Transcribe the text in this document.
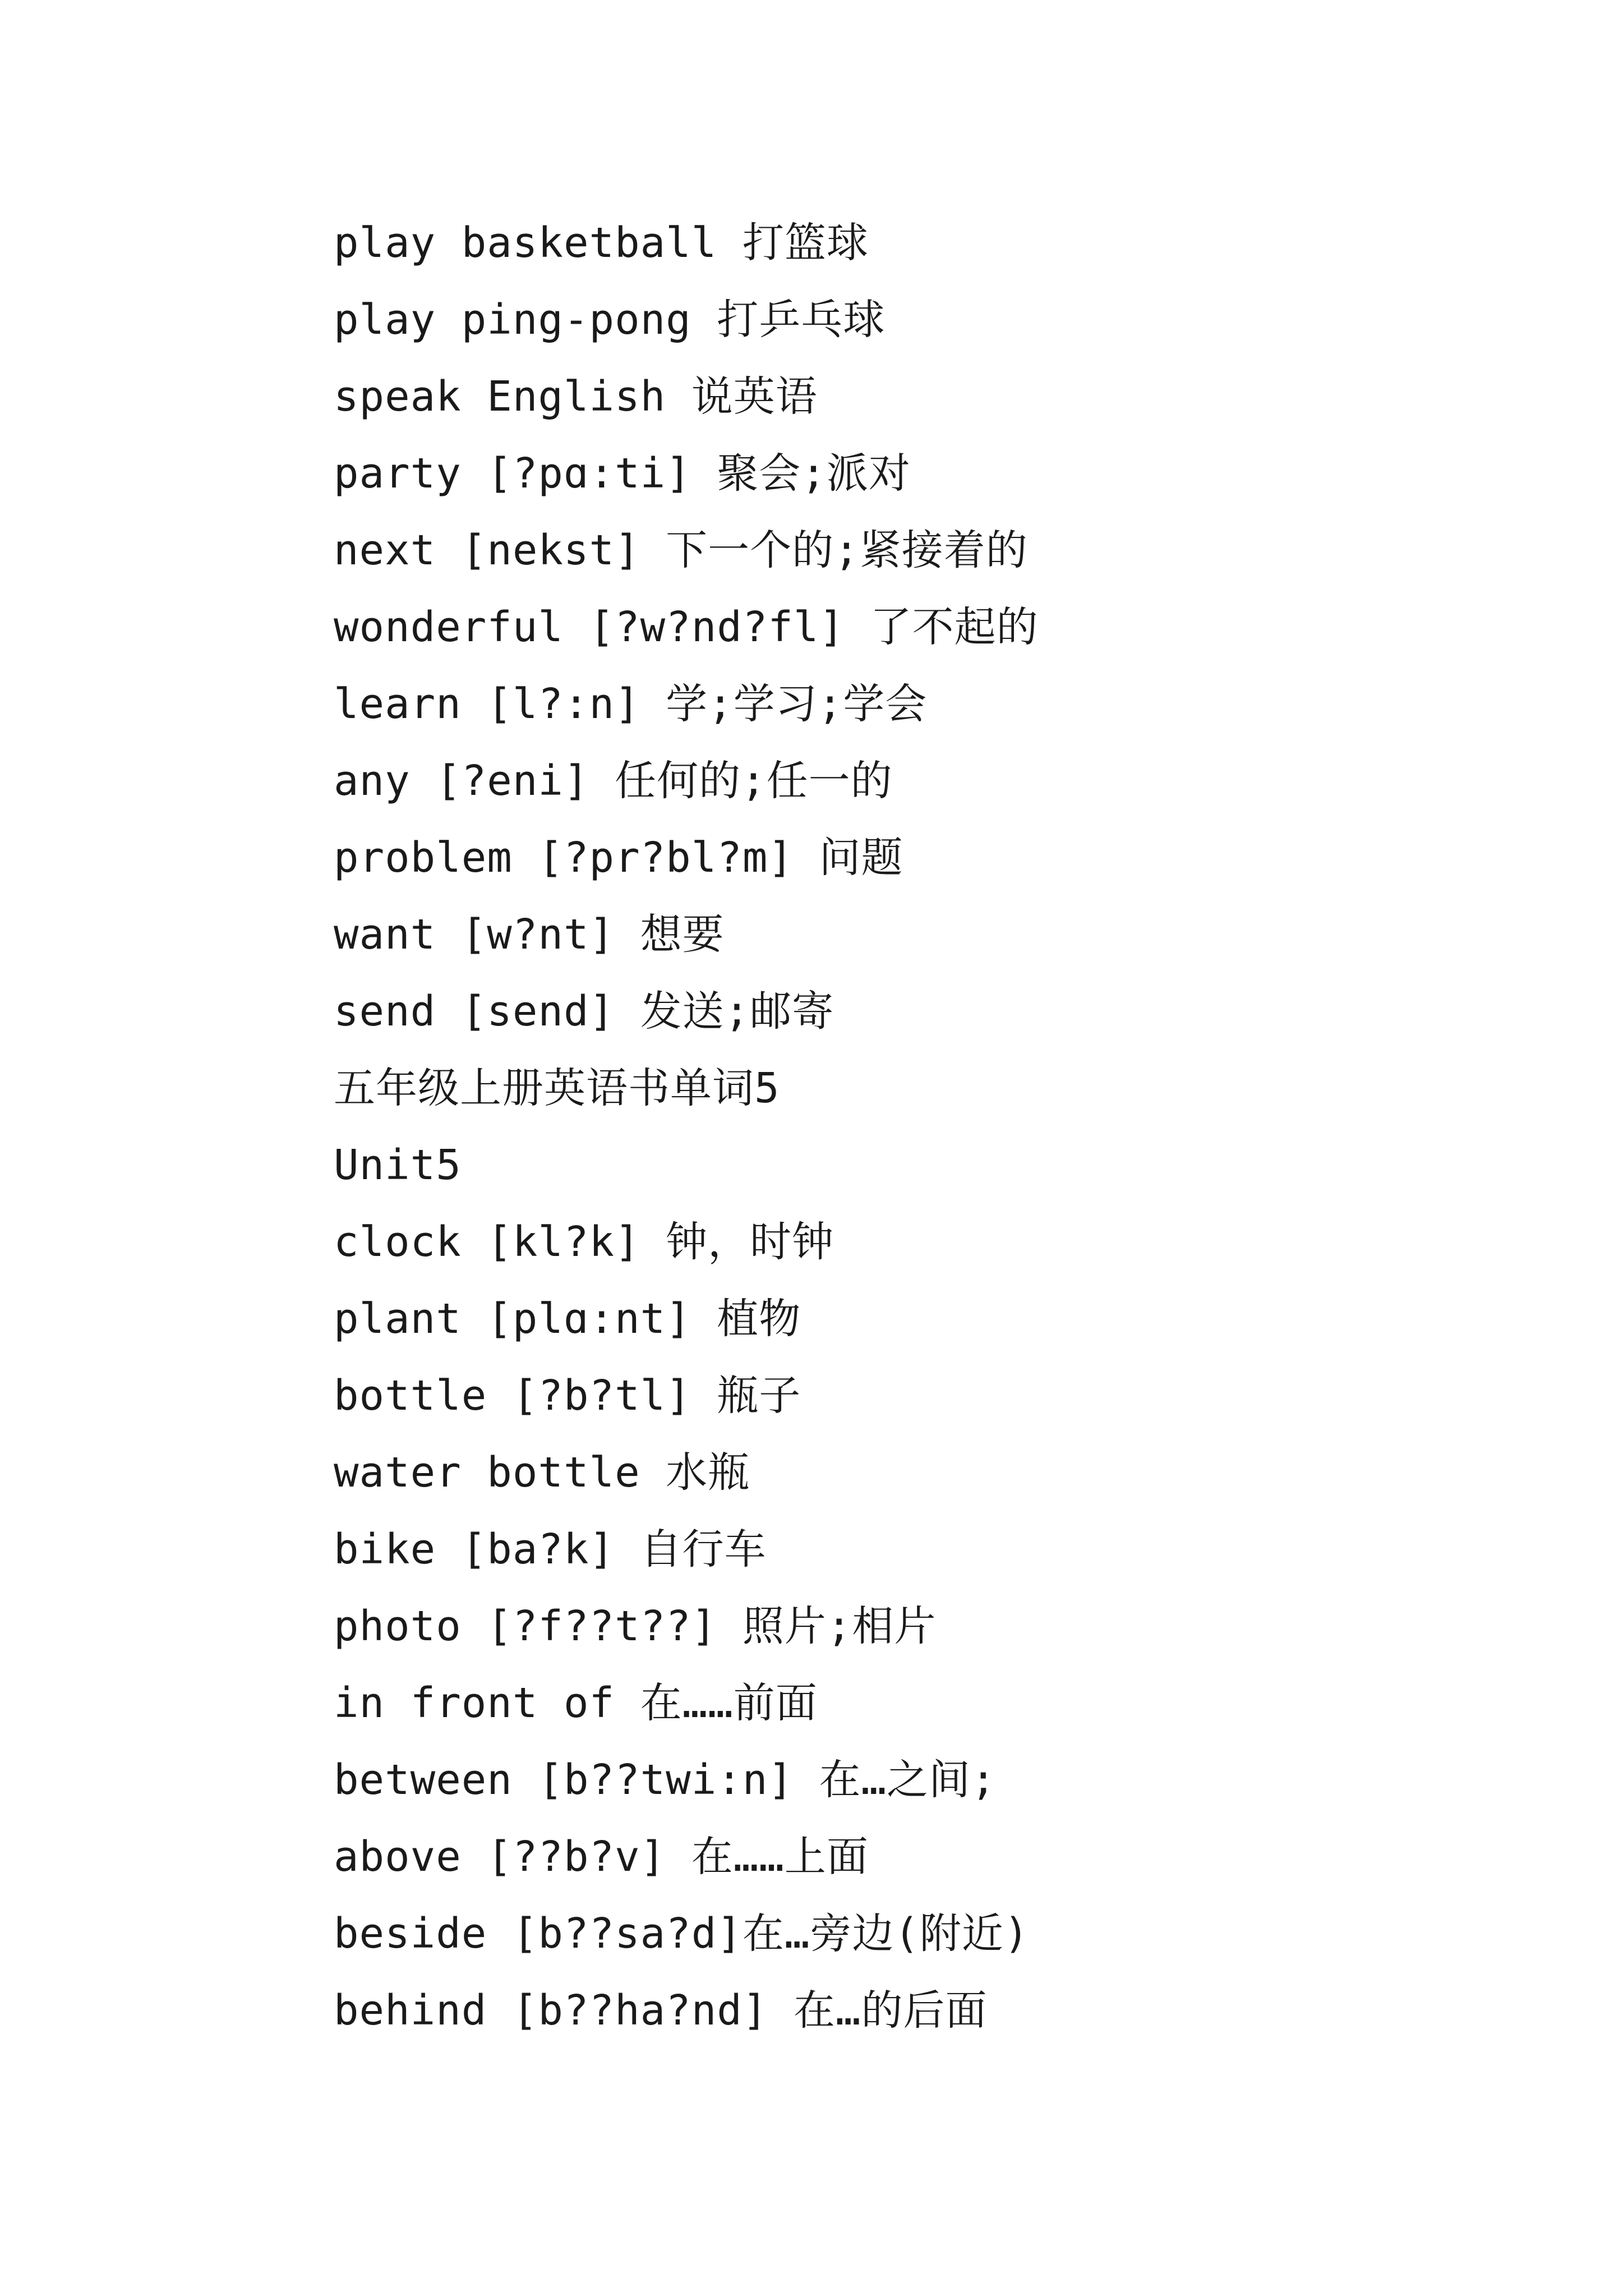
play basketball 打篮球
play ping-pong 打乒乓球
speak English 说英语
party [?pɑ:ti] 聚会;派对
next [nekst] 下一个的;紧接着的
wonderful [?w?nd?fl] 了不起的
learn [l?:n] 学;学习;学会
any [?eni] 任何的;任一的
problem [?pr?bl?m] 问题
want [w?nt] 想要
send [send] 发送;邮寄
五年级上册英语书单词5
Unit5
clock [kl?k] 钟，时钟
plant [plɑ:nt] 植物
bottle [?b?tl] 瓶子
water bottle 水瓶
bike [ba?k] 自行车
photo [?f??t??] 照片;相片
in front of 在……前面
between [b??twi:n] 在…之间;
above [??b?v] 在……上面
beside [b??sa?d]在…旁边(附近)
behind [b??ha?nd] 在…的后面
